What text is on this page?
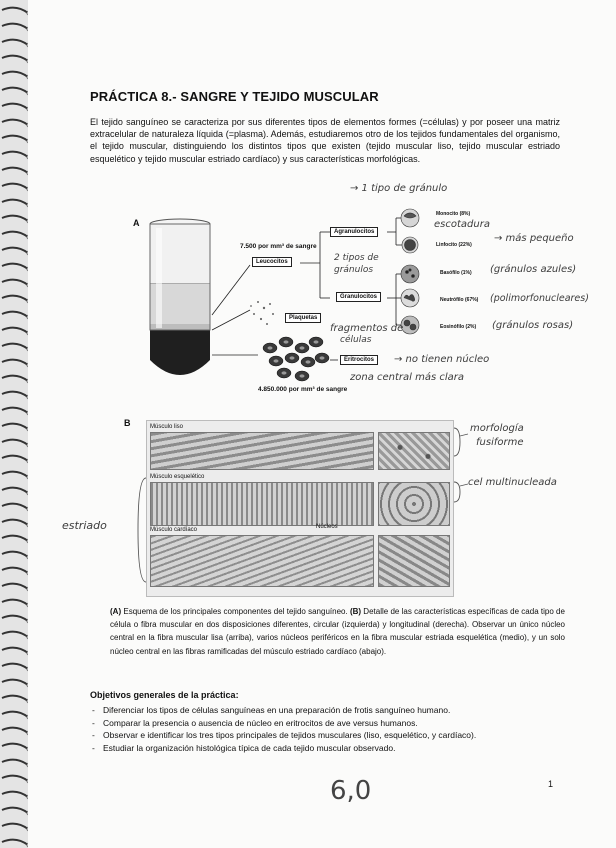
PRÁCTICA 8.- SANGRE Y TEJIDO MUSCULAR
El tejido sanguíneo se caracteriza por sus diferentes tipos de elementos formes (=células) y por poseer una matriz extracelular de naturaleza líquida (=plasma). Además, estudiaremos otro de los tejidos fundamentales del organismo, el tejido muscular, distinguiendo los distintos tipos que existen (tejido muscular liso, tejido muscular estriado esquelético y tejido muscular estriado cardíaco) y sus características morfológicas.
A
7.500 por mm³ de sangre
Leucocitos
Agranulocitos
Granulocitos
Plaquetas
Eritrocitos
4.850.000 por mm³ de sangre
Monocito (8%)
Linfocito (22%)
Basófilo (1%)
Neutrófilo (67%)
Eosinófilo (2%)
→ 1 tipo de gránulo
escotadura
→ más pequeño
2 tipos de
gránulos	(gránulos azules)
(polimorfonucleares)
(gránulos rosas)
fragmentos de
células
→ no tienen núcleo
zona central más clara
B	Músculo liso
Músculo esquelético
Músculo cardíaco	Núcleos
morfología
fusiforme
cel multinucleada
estriado
(A) Esquema de los principales componentes del tejido sanguíneo. (B) Detalle de las características específicas de cada tipo de célula o fibra muscular en dos disposiciones diferentes, circular (izquierda) y longitudinal (derecha). Observar un único núcleo central en la fibra muscular lisa (arriba), varios núcleos periféricos en la fibra muscular estriada esquelética (medio), y un solo núcleo central en las fibras ramificadas del músculo estriado cardíaco (abajo).
Objetivos generales de la práctica:
- Diferenciar los tipos de células sanguíneas en una preparación de frotis sanguíneo humano.
- Comparar la presencia o ausencia de núcleo en eritrocitos de ave versus humanos.
- Observar e identificar los tres tipos principales de tejidos musculares (liso, esquelético, y cardíaco).
- Estudiar la organización histológica típica de cada tejido muscular observado.
6,0	1
